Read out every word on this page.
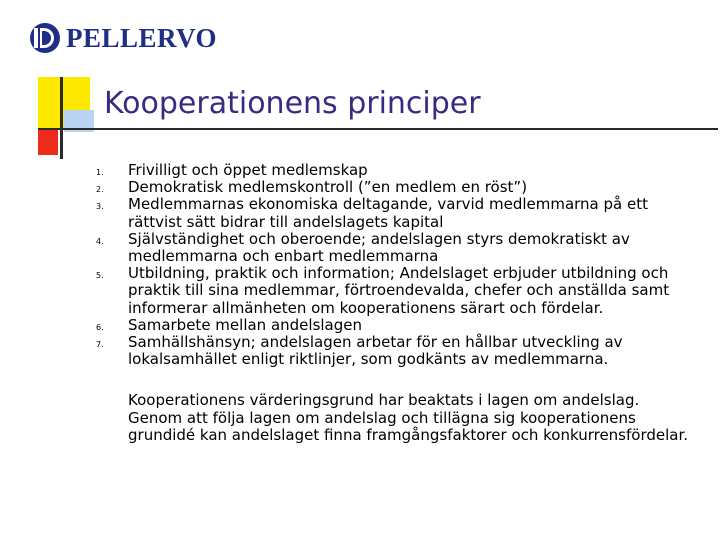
PELLERVO
Kooperationens principer
1.	Frivilligt och öppet medlemskap
2.	Demokratisk medlemskontroll (”en medlem en röst”)
3.	Medlemmarnas ekonomiska deltagande, varvid medlemmarna på ett rättvist sätt bidrar till andelslagets kapital
4.	Självständighet och oberoende; andelslagen styrs demokratiskt av medlemmarna och enbart medlemmarna
5.	Utbildning, praktik och information; Andelslaget erbjuder utbildning och praktik till sina medlemmar, förtroendevalda, chefer och anställda samt informerar allmänheten om kooperationens särart och fördelar.
6.	Samarbete mellan andelslagen
7.	Samhällshänsyn; andelslagen arbetar för en hållbar utveckling av lokalsamhället enligt riktlinjer, som godkänts av medlemmarna.

Kooperationens värderingsgrund har beaktats i lagen om andelslag. Genom att följa lagen om andelslag och tillägna sig kooperationens grundidé kan andelslaget finna framgångsfaktorer och konkurrensfördelar.
